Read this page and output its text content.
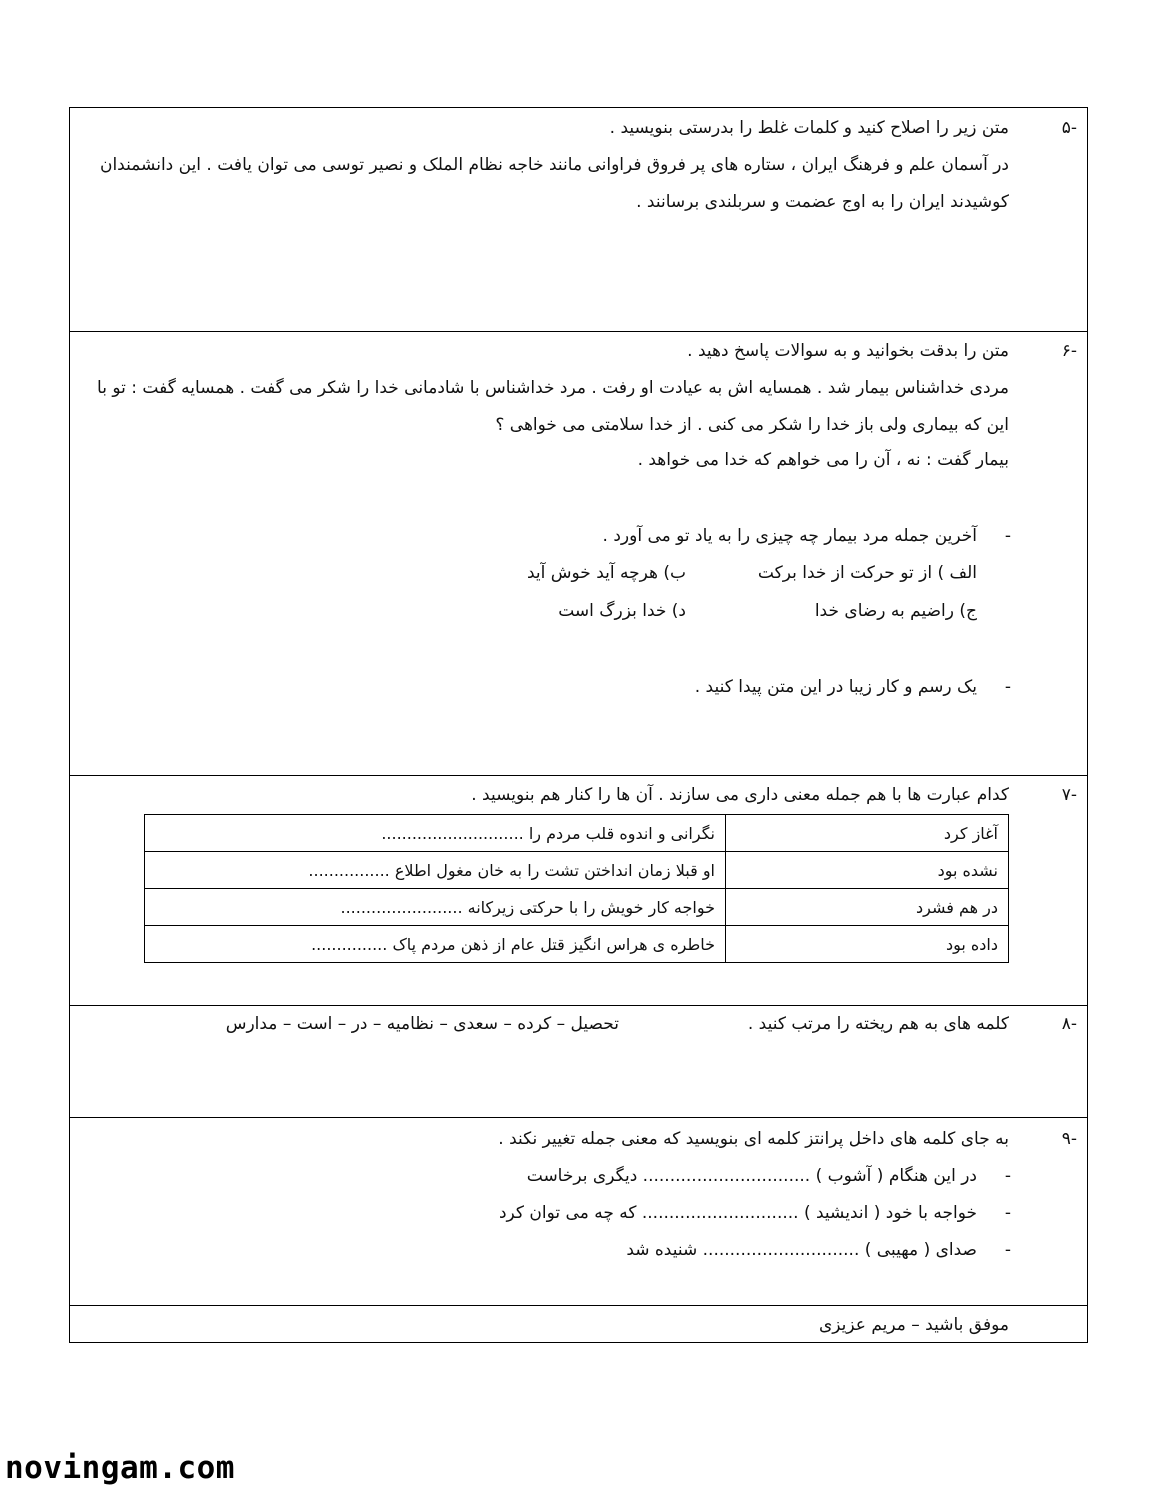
-۵
متن زیر را اصلاح کنید و کلمات غلط را بدرستی بنویسید .
در آسمان علم و فرهنگ ایران ، ستاره های پر فروق فراوانی مانند خاجه نظام الملک و نصیر توسی می توان یافت . این دانشمندان
کوشیدند ایران را به اوج عضمت و سربلندی برسانند .
-۶
متن را بدقت بخوانید و به سوالات پاسخ دهید .
مردی خداشناس بیمار شد . همسایه اش به عیادت او رفت . مرد خداشناس با شادمانی خدا را شکر می گفت . همسایه گفت : تو با
این که بیماری ولی باز خدا را شکر می کنی . از خدا سلامتی می خواهی ؟
بیمار گفت : نه ، آن را می خواهم که خدا می خواهد .
-
آخرین جمله مرد بیمار چه چیزی را به یاد تو می آورد .
الف ) از تو حرکت از خدا برکت
ب) هرچه آید خوش آید
ج) راضیم به رضای خدا
د) خدا بزرگ است
-
یک رسم و کار زیبا در این متن پیدا کنید .
-۷
کدام عبارت ها با هم جمله معنی داری می سازند . آن ها را کنار هم بنویسید .
آغاز کرد	نگرانی و اندوه قلب مردم را ............................
نشده بود	او قبلا زمان انداختن تشت را به خان مغول اطلاع ................
در هم فشرد	خواجه کار خویش را با حرکتی زیرکانه ........................
داده بود	خاطره ی هراس انگیز قتل عام از ذهن مردم پاک ...............
-۸
کلمه های به هم ریخته را مرتب کنید .
تحصیل – کرده – سعدی – نظامیه – در – است – مدارس
-۹
به جای کلمه های داخل پرانتز کلمه ای بنویسید که معنی جمله تغییر نکند .
-
در این هنگام ( آشوب ) ............................... دیگری برخاست
-
خواجه با خود ( اندیشید ) ............................. که چه می توان کرد
-
صدای ( مهیبی ) ............................. شنیده شد
موفق باشید – مریم عزیزی
novingam.com
